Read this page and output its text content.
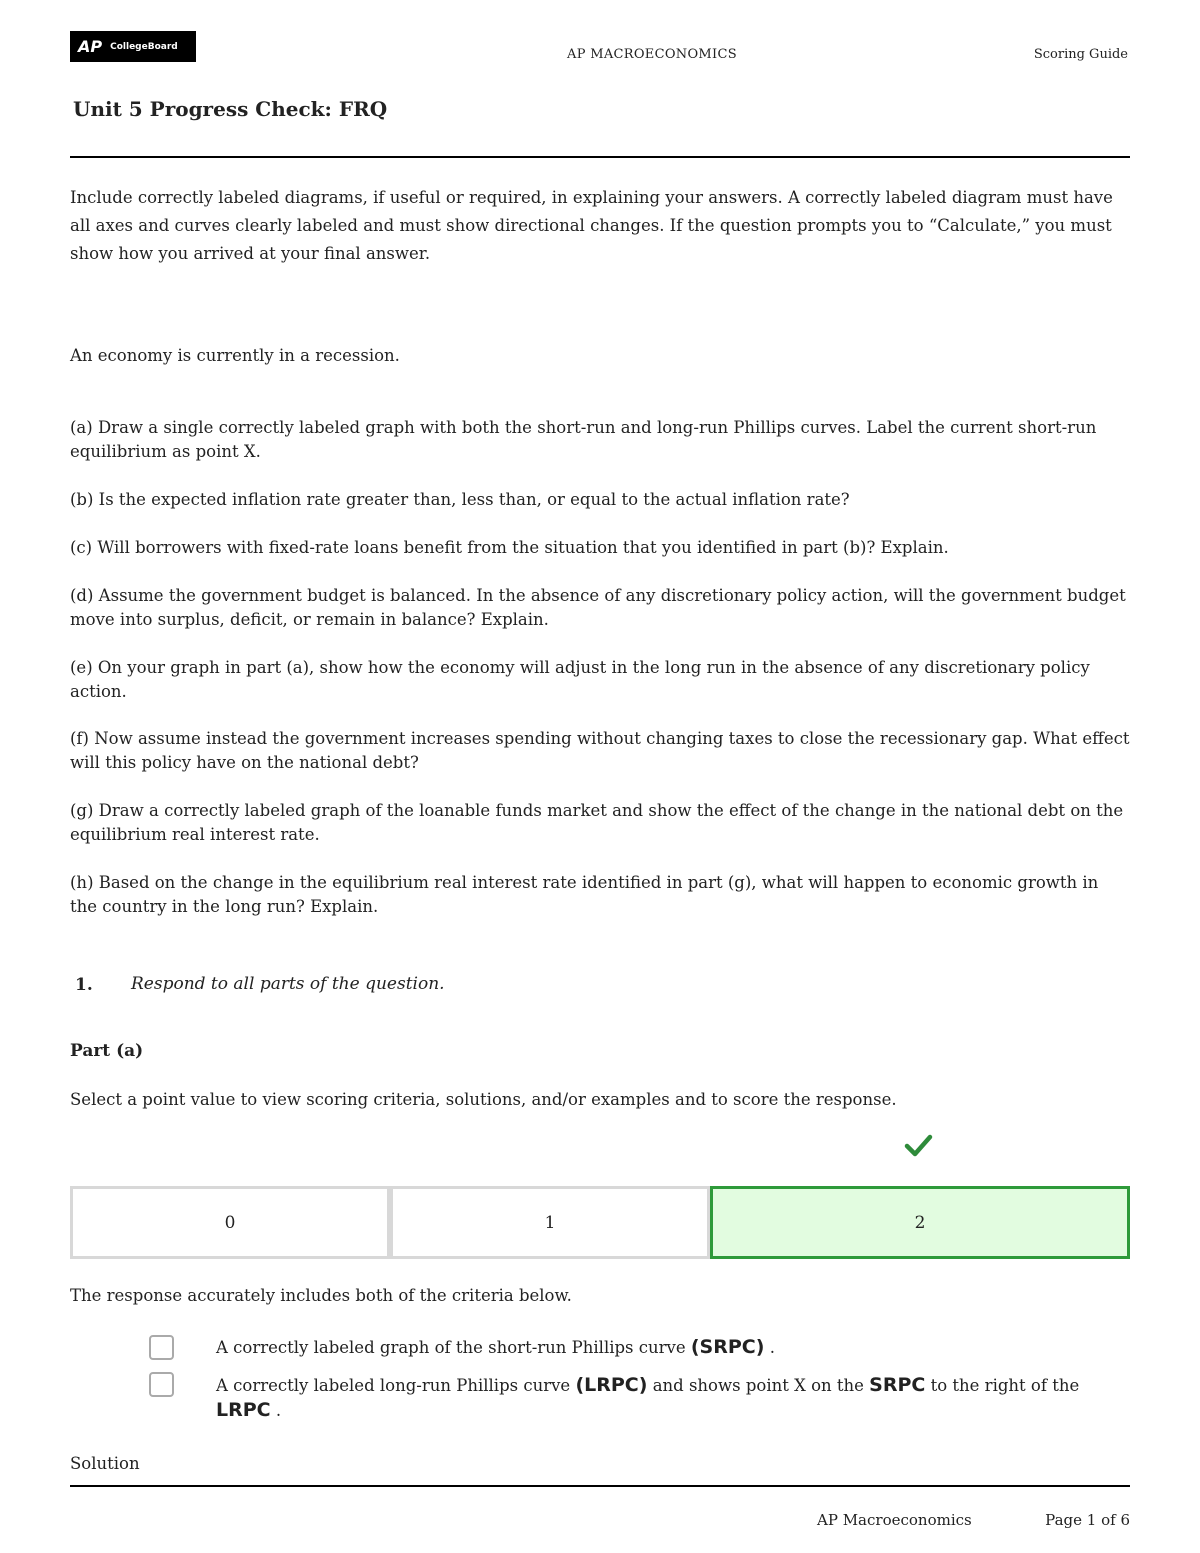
AP CollegeBoard
AP MACROECONOMICS	Scoring Guide
Unit 5 Progress Check: FRQ
Include correctly labeled diagrams, if useful or required, in explaining your answers. A correctly labeled diagram must have all axes and curves clearly labeled and must show directional changes. If the question prompts you to “Calculate,” you must show how you arrived at your final answer.
An economy is currently in a recession.
(a) Draw a single correctly labeled graph with both the short-run and long-run Phillips curves. Label the current short-run equilibrium as point X.
(b) Is the expected inflation rate greater than, less than, or equal to the actual inflation rate?
(c) Will borrowers with fixed-rate loans benefit from the situation that you identified in part (b)? Explain.
(d) Assume the government budget is balanced. In the absence of any discretionary policy action, will the government budget move into surplus, deficit, or remain in balance? Explain.
(e) On your graph in part (a), show how the economy will adjust in the long run in the absence of any discretionary policy action.
(f) Now assume instead the government increases spending without changing taxes to close the recessionary gap. What effect will this policy have on the national debt?
(g) Draw a correctly labeled graph of the loanable funds market and show the effect of the change in the national debt on the equilibrium real interest rate.
(h) Based on the change in the equilibrium real interest rate identified in part (g), what will happen to economic growth in the country in the long run? Explain.
1. Respond to all parts of the question.
Part (a)
Select a point value to view scoring criteria, solutions, and/or examples and to score the response.
0	1	2
The response accurately includes both of the criteria below.
A correctly labeled graph of the short-run Phillips curve (SRPC) .
A correctly labeled long-run Phillips curve (LRPC) and shows point X on the SRPC to the right of the LRPC .
Solution
AP Macroeconomics	Page 1 of 6
